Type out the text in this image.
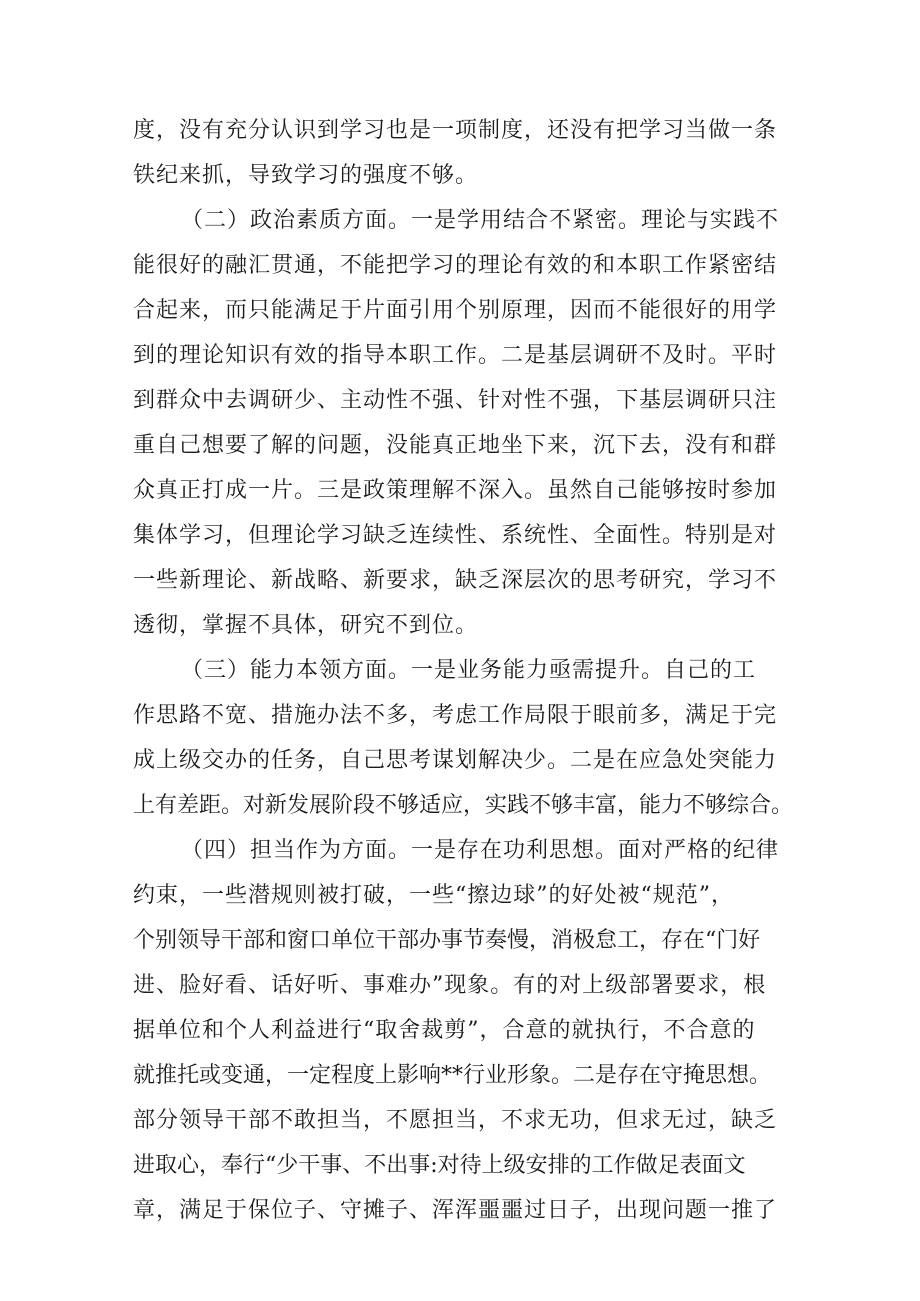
度，没有充分认识到学习也是一项制度，还没有把学习当做一条
铁纪来抓，导致学习的强度不够。
（二）政治素质方面。一是学用结合不紧密。理论与实践不
能很好的融汇贯通，不能把学习的理论有效的和本职工作紧密结
合起来，而只能满足于片面引用个别原理，因而不能很好的用学
到的理论知识有效的指导本职工作。二是基层调研不及时。平时
到群众中去调研少、主动性不强、针对性不强，下基层调研只注
重自己想要了解的问题，没能真正地坐下来，沉下去，没有和群
众真正打成一片。三是政策理解不深入。虽然自己能够按时参加
集体学习，但理论学习缺乏连续性、系统性、全面性。特别是对
一些新理论、新战略、新要求，缺乏深层次的思考研究，学习不
透彻，掌握不具体，研究不到位。
（三）能力本领方面。一是业务能力亟需提升。自己的工
作思路不宽、措施办法不多，考虑工作局限于眼前多，满足于完
成上级交办的任务，自己思考谋划解决少。二是在应急处突能力
上有差距。对新发展阶段不够适应，实践不够丰富，能力不够综合。
（四）担当作为方面。一是存在功利思想。面对严格的纪律
约束，一些潜规则被打破，一些“擦边球”的好处被“规范”，
个别领导干部和窗口单位干部办事节奏慢，消极怠工，存在“门好
进、脸好看、话好听、事难办”现象。有的对上级部署要求，根
据单位和个人利益进行“取舍裁剪”，合意的就执行，不合意的
就推托或变通，一定程度上影响**行业形象。二是存在守掩思想。
部分领导干部不敢担当，不愿担当，不求无功，但求无过，缺乏
进取心，奉行“少干事、不出事:对待上级安排的工作做足表面文
章，满足于保位子、守摊子、浑浑噩噩过日子，出现问题一推了
